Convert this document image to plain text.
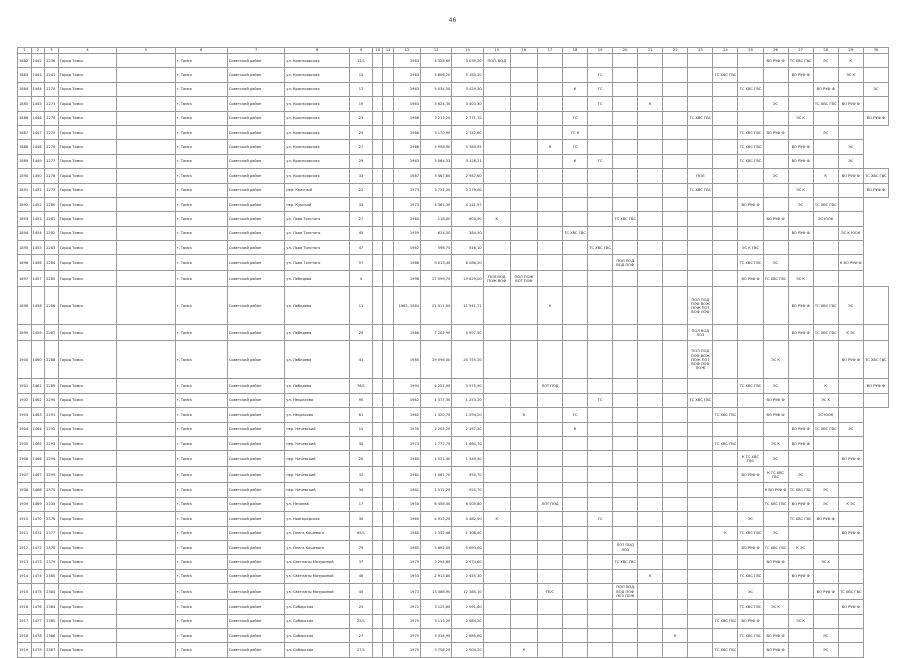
46
1	2	3	4	5	6	7	8	9	10	11	12	13	14	15	16	17	18	19	20	21	22	23	24	25	26	27	28	29	30
1882	1442	2236	Город Томск		г. Томск	Советский район	ул. Красноярская	11/1			1963	4 328,60	3 039,20	ПОЛ, ВОД											ВО РУФ Ф	ТС ХВС ГВС	ЭС	К	
1883	1443	2241	Город Томск		г. Томск	Советский район	ул. Красноярская	15			1963	5 806,20	5 163,20					ГС					ТС ХВС ГВС			ВО РУФ Ф		ЭС К	
1884	1444	2270	Город Томск		г. Томск	Советский район	ул. Красноярская	17			1963	5 034,50	3 429,30				К	ГС						ТС ХВС ГВС			ВО РУФ Ф		ЭС
1885	1445	2271	Город Томск		г. Томск	Советский район	ул. Красноярская	19			1963	3 624,30	3 403,30					ГС		К					ЭС		ТС ХВС ГВС	ВО РУФ Ф	
1886	1446	2274	Город Томск		г. Томск	Советский район	ул. Красноярская	23			1966	3 213,20	2 771,70				ГС					ТС ХВС ГВС				ЭС К			ВО РУФ Ф
1887	1447	2275	Город Томск		г. Томск	Советский район	ул. Красноярская	25			1966	3 170,90	2 742,60				ГС К							ТС ХВС ГВС	ВО РУФ Ф		ЭС		
1888	1448	2276	Город Томск		г. Томск	Советский район	ул. Красноярская	27			1966	5 958,90	5 384,95			К	ГС							ТС ХВС ГВС		ВО РУФ Ф		ЭС	
1889	1449	2277	Город Томск		г. Томск	Советский район	ул. Красноярская	29			1963	3 564,33	3 128,21				К	ГС						ТС ХВС ГВС		ВО РУФ Ф		ЭС	
1890	1450	2278	Город Томск		г. Томск	Советский район	ул. Красноярская	33			1987	3 467,80	2 947,60									ПОЛ			ЭС		К	ВО РУФ Ф	ТС ХВС ГВС
1891	1451	1273	Город Томск		г. Томск	Советский район	пер. Красный	22			1973	3 732,30	3 279,00									ТС ХВС ГВС				ЭС К			ВО РУФ Ф
1892	1452	2280	Город Томск		г. Томск	Советский район	пер. Курский	33			1973	4 365,30	4 241,97											ВО РУФ Ф		ЭС	ТС ХВС ГВС		
1893	1453	2281	Город Томск		г. Томск	Советский район	ул. Льва Толстого	27			1960	118,00	603,50	К					ТС ХВС ГВС						ВО РУФ Ф		ЭС ЮОК		
1894	1454	2282	Город Томск		г. Томск	Советский район	ул. Льва Толстого	45			1959	624,30	384,50				ТС ХВС ГВС									ВО РУФ Ф		ЭС К ЮОК	
1895	1455	2283	Город Томск		г. Томск	Советский район	ул. Льва Толстого	47			1962	598,70	546,10					ТС ХВС ГВС						ЭС К ГВС					
1896	1456	2284	Город Томск		г. Томск	Советский район	ул. Льва Толстого	97			1986	9 013,40	8 086,50						ПОЛ ПОД ВОД ПОФ					ТС ХВС ГВС	ЭС			К ВО РУФ Ф	
1897	1457	2285	Город Томск		г. Томск	Советский район	ул. Лебедева	5			1998	27 599,70	19 829,00	ПОЛ ВОД ПОЖ ВОФ	ПОЛ ПОЖ ВОТ ПОФ									ВО РУФ Ф	ТС ХВС ГВС	ЭС К			
1898	1458	2286	Город Томск		г. Томск	Советский район	ул. Лебедева	11			1983, 1984	21 311,00	11 941,71			К						ПОЛ ПОД ПОФ ВОЖ ПОЖ ПОТ ВОФ ЛОФ				ВО РУФ Ф	ТС ХВС ГВС	ЭС	
1899	1459	2287	Город Томск		г. Томск	Советский район	ул. Лебедева	29			1986	7 202,90	5 997,50									ПОЛ ВОД ЛОЗ				ВО РУФ Ф	ТС ХВС ГВС	К ЭС	
1900	1460	2288	Город Томск		г. Томск	Советский район	ул. Лебедева	41			1985	29 096,00	20 755,20									ПОЛ ПОД ПОФ ВОЖ ПОЖ ПОТ ВОФ ЛОФ ЛОЖ			ЭС К			ВО РУФ Ф	ТС ХВС ГВС
1901	1461	2289	Город Томск		г. Томск	Советский район	ул. Лебедева	76/1			1994	4 251,90	3 975,90			ЛОТ ПОД								ТС ХВС ГВС	ЭС		К		ВО РУФ Ф
1902	1462	2290	Город Томск		г. Томск	Советский район	ул. Некрасова	90			1962	1 377,30	1 253,20					ГС				ТС ХВС ГВС			ВО РУФ Ф		ЭС К		
1903	1463	2291	Город Томск		г. Томск	Советский район	ул. Некрасова	61			1962	1 320,70	1 294,20		К		ГС						ТС ХВС ГВС		ВО РУФ Ф		ЭС ЮОК		
1904	1464	2292	Город Томск		г. Томск	Советский район	пер. Нечевский	15			1935	2 205,20	2 167,30				К									ВО РУФ Ф	ТС ХВС ГВС	ЭС	
1905	1465	2293	Город Томск		г. Томск	Советский район	пер. Нечевский	30			1973	1 772,70	1 660,70										ТС ХВС ГВС		ЭС К	ВО РУФ Ф			
1906	1466	2294	Город Томск		г. Томск	Советский район	пер. Нечевский	20			1985	1 521,40	1 449,40											К ТС ХВС ГВС	ЭС			ВО РУФ Ф	
1907	1467	2295	Город Томск		г. Томск	Советский район	пер. Нечевский	32			1961	1 062,70	950,70											ВО РУФ Ф	К ТС ХВС ГВС	ЭС			
1908	1468	2370	Город Томск		г. Томск	Советский район	пер. Нечевский	34			1961	1 012,20	920,70												К ВО РУФ Ф	ТС ХВС ГВС	ЭС		
1909	1469	2335	Город Томск		г. Томск	Советский район	ул. Нечаева	17			1950	6 456,30	6 005,80			ЛОТ ПОД									ТС ХВС ГВС	ВО РУФ Ф	ЭС	К ЭС	
1910	1470	2376	Город Томск		г. Томск	Советский район	ул. Новгородская	30			1960	4 915,20	4 482,50	К				ГС						ЭС		ТС ХВС ГВС	ВО РУФ Ф		
1911	1471	2377	Город Томск		г. Томск	Советский район	ул. Олега Кошевого	65/1			1985	1 332,48	1 308,40										К	ТС ХВС ГВС	ЭС			ВО РУФ Ф	
1912	1472	2378	Город Томск		г. Томск	Советский район	ул. Олега Кошевого	79			1985	5 692,00	5 693,00						ЛОТ ПОД ЛОЗ					ВО РУФ Ф	ТС ХВС ГВС	К ЭС			
1913	1473	2379	Город Томск		г. Томск	Советский район	ул. Светланы Мазуриной	37			1979	3 294,60	2 974,60						ТС ХВС ГВС						ВО РУФ Ф		ЭС К		
1914	1474	2380	Город Томск		г. Томск	Советский район	ул. Светланы Мазуриной	46			1953	2 913,80	2 455,30							К				ТС ХВС ГВС		ВО РУФ Ф			
1915	1475	2383	Город Томск		г. Томск	Советский район	ул. Светланы Мазуриной	45			1973	13 386,90	12 385,10			ПОС			ПОЛ ПОД ВОД ПОФ ЛОЗ ЛОЖ					ЭС			ВО РУФ Ф	ТС ХВС ГВС	
1916	1476	2384	Город Томск		г. Томск	Советский район	ул. Сибирская	25			1972	3 125,60	2 991,60											ТС ХВС ГВС	ЭС К			ВО РУФ Ф	
1917	1477	2385	Город Томск		г. Томск	Советский район	ул. Сибирская	25/1			1975	3 113,20	2 684,20										ТС ХВС ГВС	ВО РУФ Ф		ЭС К			
1918	1478	2386	Город Томск		г. Томск	Советский район	ул. Сибирская	27			1975	3 314,90	2 885,60								К			ТС ХВС ГВС	ВО РУФ Ф		ЭС		
1919	1479	2387	Город Томск		г. Томск	Советский район	ул. Сибирская	27/1			1975	3 758,20	2 904,20		К								ТС ХВС ГВС		ВО РУФ Ф		ЭС		
